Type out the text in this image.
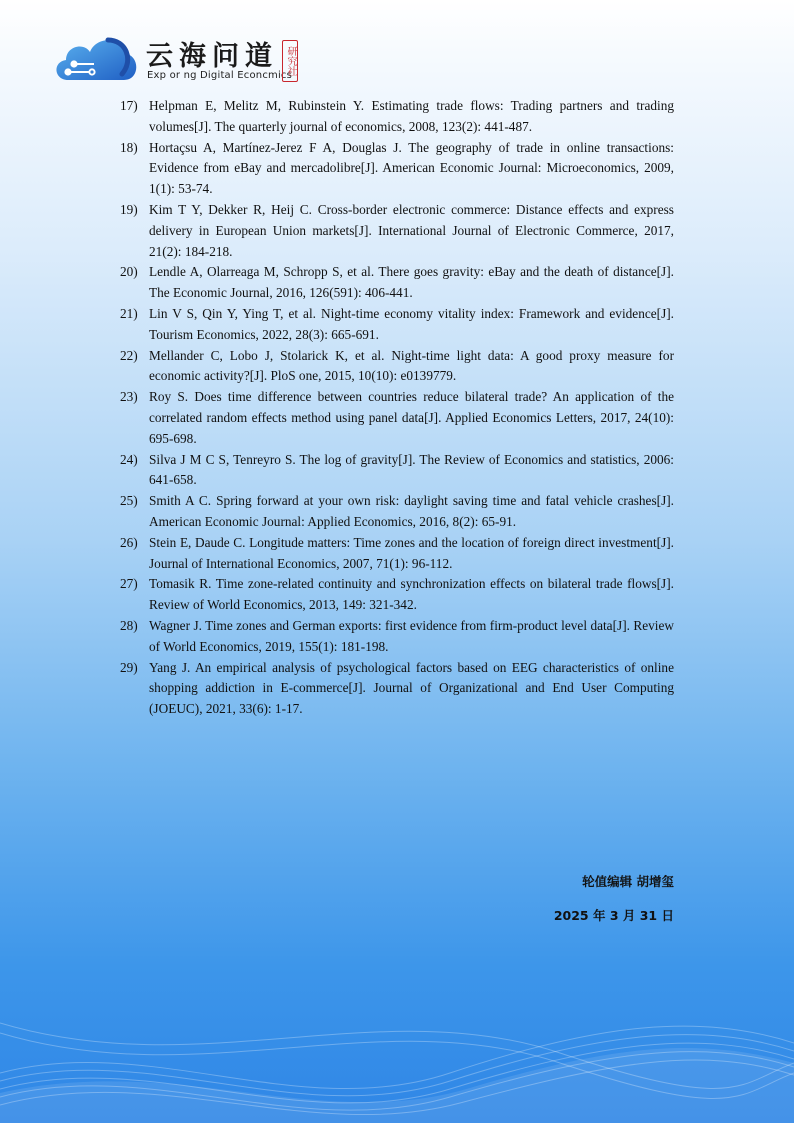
云海问道
Exp or ng Digital Econcmics
研究社
17) Helpman E, Melitz M, Rubinstein Y. Estimating trade flows: Trading partners and trading volumes[J]. The quarterly journal of economics, 2008, 123(2): 441-487.
18) Hortaçsu A, Martínez-Jerez F A, Douglas J. The geography of trade in online transactions: Evidence from eBay and mercadolibre[J]. American Economic Journal: Microeconomics, 2009, 1(1): 53-74.
19) Kim T Y, Dekker R, Heij C. Cross-border electronic commerce: Distance effects and express delivery in European Union markets[J]. International Journal of Electronic Commerce, 2017, 21(2): 184-218.
20) Lendle A, Olarreaga M, Schropp S, et al. There goes gravity: eBay and the death of distance[J]. The Economic Journal, 2016, 126(591): 406-441.
21) Lin V S, Qin Y, Ying T, et al. Night-time economy vitality index: Framework and evidence[J]. Tourism Economics, 2022, 28(3): 665-691.
22) Mellander C, Lobo J, Stolarick K, et al. Night-time light data: A good proxy measure for economic activity?[J]. PloS one, 2015, 10(10): e0139779.
23) Roy S. Does time difference between countries reduce bilateral trade? An application of the correlated random effects method using panel data[J]. Applied Economics Letters, 2017, 24(10): 695-698.
24) Silva J M C S, Tenreyro S. The log of gravity[J]. The Review of Economics and statistics, 2006: 641-658.
25) Smith A C. Spring forward at your own risk: daylight saving time and fatal vehicle crashes[J]. American Economic Journal: Applied Economics, 2016, 8(2): 65-91.
26) Stein E, Daude C. Longitude matters: Time zones and the location of foreign direct investment[J]. Journal of International Economics, 2007, 71(1): 96-112.
27) Tomasik R. Time zone-related continuity and synchronization effects on bilateral trade flows[J]. Review of World Economics, 2013, 149: 321-342.
28) Wagner J. Time zones and German exports: first evidence from firm-product level data[J]. Review of World Economics, 2019, 155(1): 181-198.
29) Yang J. An empirical analysis of psychological factors based on EEG characteristics of online shopping addiction in E-commerce[J]. Journal of Organizational and End User Computing (JOEUC), 2021, 33(6): 1-17.
轮值编辑 胡增玺
2025 年 3 月 31 日
